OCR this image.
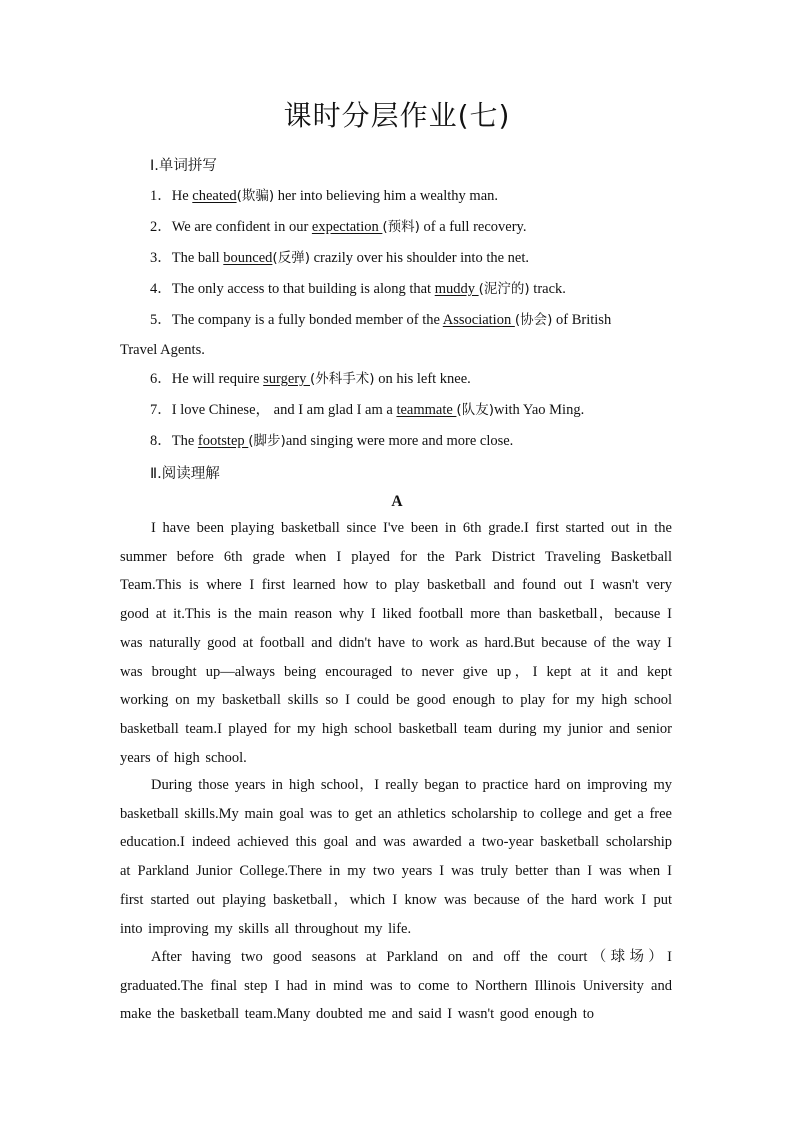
课时分层作业(七)
Ⅰ.单词拼写
1．He cheated(欺骗) her into believing him a wealthy man.
2．We are confident in our expectation (预料) of a full recovery.
3．The ball bounced(反弹) crazily over his shoulder into the net.
4．The only access to that building is along that muddy (泥泞的) track.
5．The company is a fully bonded member of the Association (协会) of British Travel Agents.
6．He will require surgery (外科手术) on his left knee.
7．I love Chinese， and I am glad I am a teammate (队友)with Yao Ming.
8．The footstep (脚步)and singing were more and more close.
Ⅱ.阅读理解
A
I have been playing basketball since I've been in 6th grade.I first started out in the summer before 6th grade when I played for the Park District Traveling Basketball Team.This is where I first learned how to play basketball and found out I wasn't very good at it.This is the main reason why I liked football more than basketball，because I was naturally good at football and didn't have to work as hard.But because of the way I was brought up—always being encouraged to never give up，I kept at it and kept working on my basketball skills so I could be good enough to play for my high school basketball team.I played for my high school basketball team during my junior and senior years of high school.
During those years in high school，I really began to practice hard on improving my basketball skills.My main goal was to get an athletics scholarship to college and get a free education.I indeed achieved this goal and was awarded a two-year basketball scholarship at Parkland Junior College.There in my two years I was truly better than I was when I first started out playing basketball，which I know was because of the hard work I put into improving my skills all throughout my life.
After having two good seasons at Parkland on and off the court（球场）I graduated.The final step I had in mind was to come to Northern Illinois University and make the basketball team.Many doubted me and said I wasn't good enough to
